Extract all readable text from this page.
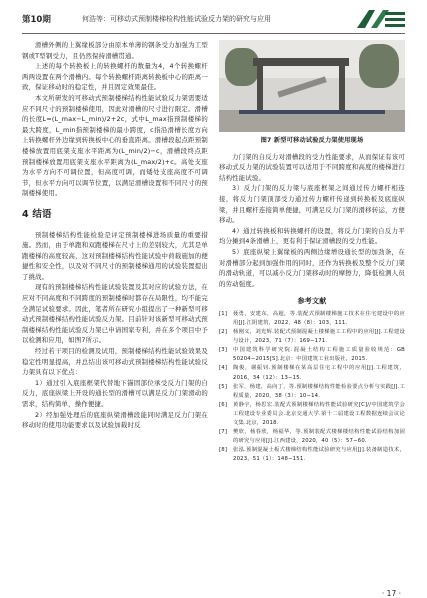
第10期	何浩等：可移动式预制楼梯检构性能试验反力架的研究与应用

滑槽外侧的上翼缘板部分由原本单薄的钢条受力加强为工型钢或T型钢受力，且仍然保持滑槽贯通。

上述的每个转换板上的转换螺杆的数量为4，4个转换螺杆两两设置在两个滑槽内。每个转换螺杆距离转换板中心的距离一致，保证移动时的稳定性，并且固定效果最佳。

本文所研发的可移动式预制楼梯结构性能试验反力架需要适应不同尺寸的预制楼梯使用，因此对滑槽的尺寸进行限定。滑槽的长度L=(L_max−L_min)/2+2c，式中L_max指预制楼梯的最大跨度，L_min指预制楼梯的最小跨度，c指沿滑槽长度方向上转换螺杆外边缘到转换板中心的垂直距离。滑槽段起点距预制楼梯放置用底架支座水平距离为(L_min/2)−c，滑槽段终点距预制楼梯放置用底架支座水平距离为(L_max/2)+c。高处支座为水平方向不可调位置，但高度可调，而矮处支座高度不可调节，但水平方向可以调节位置，以满足滑槽设置和不同尺寸的预制楼梯使用。

4 结语

预制楼梯结构性能检验是评定预制楼梯进场质量的重要措施。然而，由于单跑和双跑楼梯在尺寸上的差别较大，尤其是单跑楼梯的高度较高，这对预制楼梯结构性能试验中荷载施加的便捷性和安全性，以及对不同尺寸的预制楼梯通用的试验装置提出了挑战。

现有的预制楼梯结构性能试验装置及其对应的试验方法，在应对不同高度和不同跨度的预制楼梯时都存在局限性，均不能完全满足试验要求。因此，笔者所在研究小组提出了一种新型可移动式预制楼梯结构性能试验反力架。目前针对该新型可移动式预制楼梯结构性能试验反力架已申请国家专利，并在多个项目中予以检测和应用，如图7所示。

经过若干项目的检测及试用，预制楼梯结构性能试验效果及稳定性明显提高，并总结出该可移动式预制楼梯结构性能试验反力架具有以下优点：

1）通过引入底座框架代替地下锚固部位承受反力门架的自反力，底座纵梁上开设的通长型的滑槽可以满足反力门架滑动的需求，结构简单，操作便捷。

2）经加强处理后的底座纵梁滑槽段能同时满足反力门架在移动时的使用功能要求以及试验加载时反

图7 新型可移动试验反力架使用现场

力门架的自反力对滑槽段的受力性能要求，从而保证有该可移动式反力架的试验装置可以适用于不同跨度和高度的楼梯进行结构性能试验。

3）反力门架的反力梁与底座框架之间通过传力螺杆相连接，将反力门架顶部受力通过传力螺杆传递到转换板及底座纵梁，并且螺杆连接简单便捷，可满足反力门架的滑移转运，方便移动。

4）通过转换板和转换螺杆的设置，将反力门架的自反力平均分摊到4条滑槽上，更有利于保证滑槽段的受力性能。

5）底座纵梁上翼缘板的两侧边缘增设通长型的加劲条，在对滑槽部分起到加强作用的同时，还作为转换板及整个反力门架的滑动轨道，可以减小反力门架移动时的摩擦力，降低检测人员的劳动强度。

参考文献

[1]	聂勇，安建东，高超，等.装配式预制楼梯施工技术在住宅建设中的应用[J].江阴建筑，2022，48（8）：103，111.
[2]	杨刚义，刘光辉.装配式预制混凝土楼梯施工工程中的应用[J].工程建设与设计，2023，71（7）：169−171.
[3]	中国建筑科学研究院.混凝土结构工程施工质量验收规范：GB 50204−2015[S].北京：中国建筑工业出版社，2015.
[4]	陶俊，谢振钊.预制楼梯在某高层住宅工程中的应用[J].工程建筑，2016，34（12）：13−15.
[5]	张军，杨建，高向丁，等.预制楼梯结构性能检验要点分析与实践[J].工程质量，2020，38（3）：10−14.
[6]	黄静宇，杨思宏.装配式预制楼梯结构性能试验研究[C]//中国建筑学会工程建设专业委员会.北京交通大学.第十二届建设工程数据连续会议论文集.北京，2018.
[7]	樊欣，杨春欣，杨福华，等.预制装配式楼梯楼结构性能试验结构加固的研究与应用[J].江西建设，2020，40（5）：57−60.
[8]	张泓.预制混凝土板式楼梯结构性能试验研究与应用[J].装备制造技术，2023，51（1）：148−151.
· 17 ·
